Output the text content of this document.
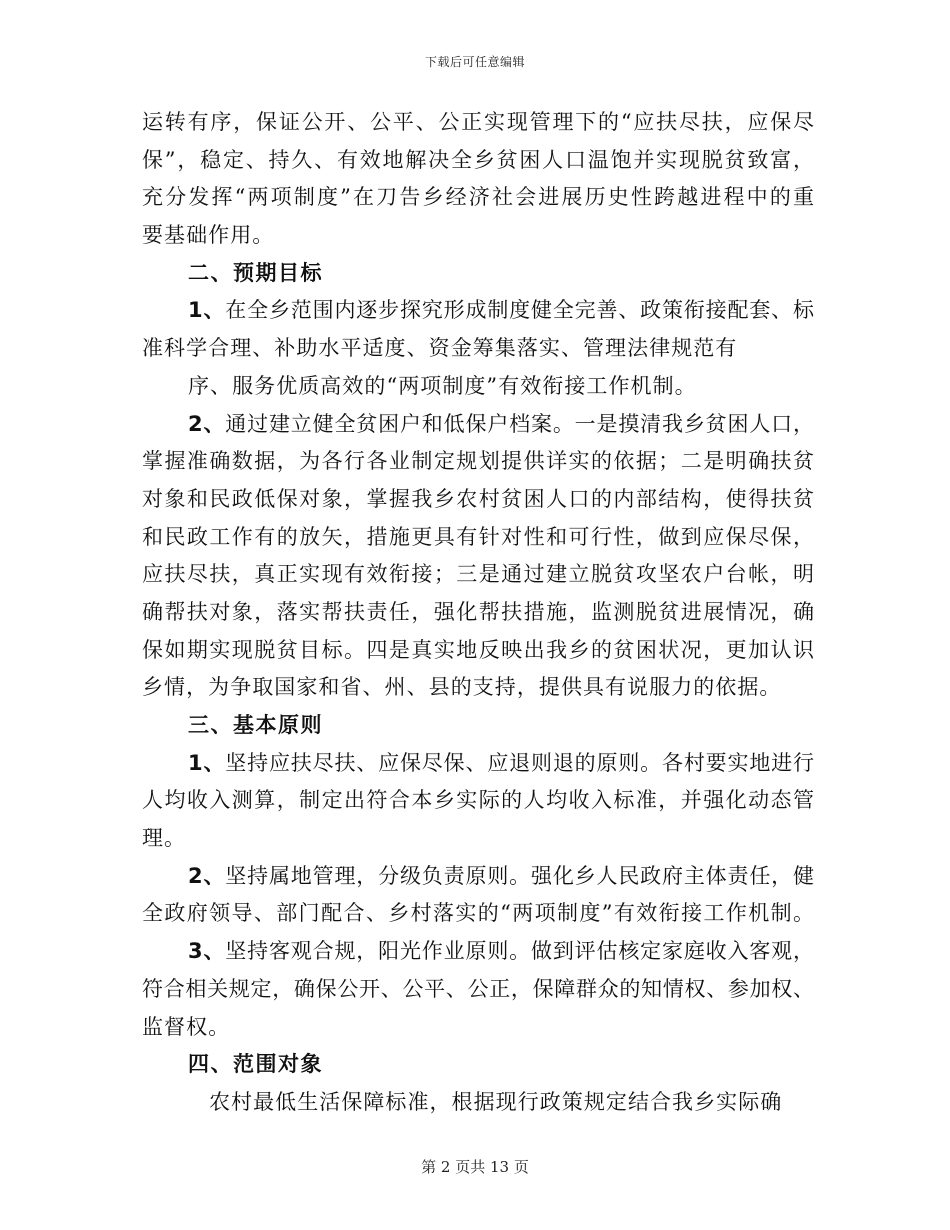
下载后可任意编辑
运转有序，保证公开、公平、公正实现管理下的“应扶尽扶，应保尽
保”，稳定、持久、有效地解决全乡贫困人口温饱并实现脱贫致富，
充分发挥“两项制度”在刀告乡经济社会进展历史性跨越进程中的重
要基础作用。
二、预期目标
1、在全乡范围内逐步探究形成制度健全完善、政策衔接配套、标
准科学合理、补助水平适度、资金筹集落实、管理法律规范有
序、服务优质高效的“两项制度”有效衔接工作机制。
2、通过建立健全贫困户和低保户档案。一是摸清我乡贫困人口，
掌握准确数据，为各行各业制定规划提供详实的依据；二是明确扶贫
对象和民政低保对象，掌握我乡农村贫困人口的内部结构，使得扶贫
和民政工作有的放矢，措施更具有针对性和可行性，做到应保尽保，
应扶尽扶，真正实现有效衔接；三是通过建立脱贫攻坚农户台帐，明
确帮扶对象，落实帮扶责任，强化帮扶措施，监测脱贫进展情况，确
保如期实现脱贫目标。四是真实地反映出我乡的贫困状况，更加认识
乡情，为争取国家和省、州、县的支持，提供具有说服力的依据。
三、基本原则
1、坚持应扶尽扶、应保尽保、应退则退的原则。各村要实地进行
人均收入测算，制定出符合本乡实际的人均收入标准，并强化动态管
理。
2、坚持属地管理，分级负责原则。强化乡人民政府主体责任，健
全政府领导、部门配合、乡村落实的“两项制度”有效衔接工作机制。
3、坚持客观合规，阳光作业原则。做到评估核定家庭收入客观，
符合相关规定，确保公开、公平、公正，保障群众的知情权、参加权、
监督权。
四、范围对象
农村最低生活保障标准，根据现行政策规定结合我乡实际确
第 2 页共 13 页
